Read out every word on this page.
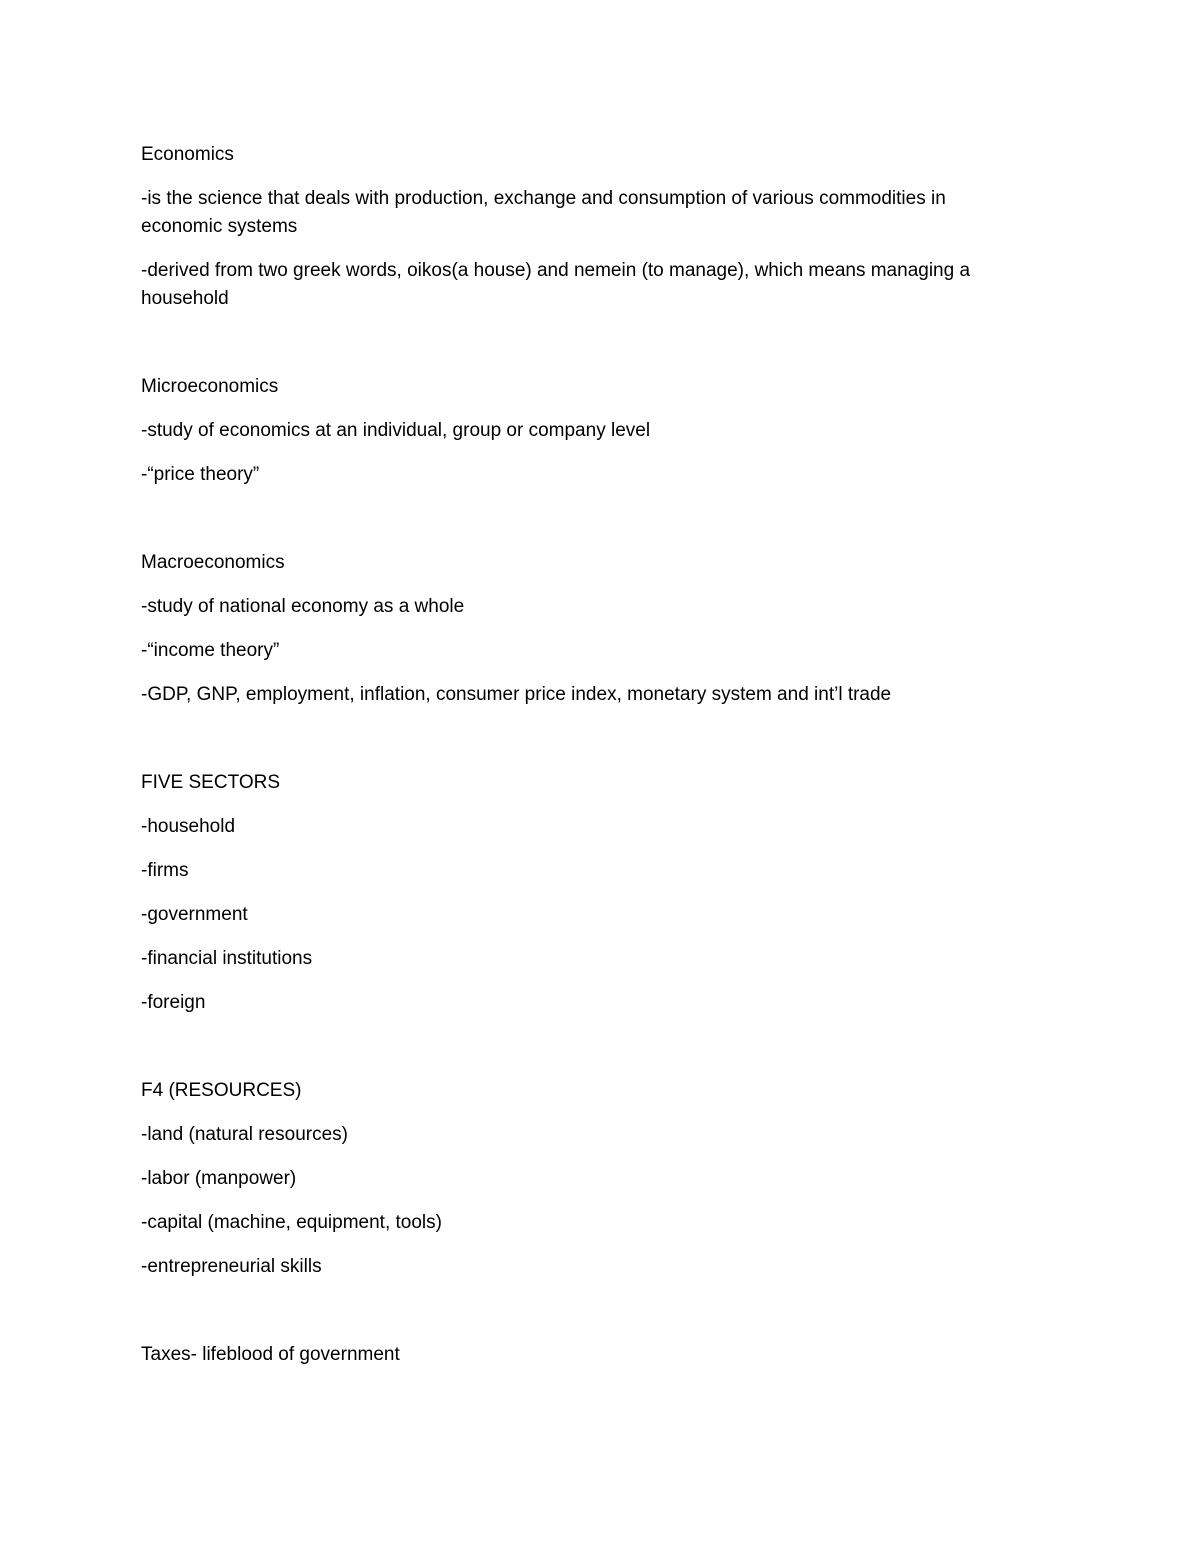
Economics

-is the science that deals with production, exchange and consumption of various commodities in economic systems

-derived from two greek words, oikos(a house) and nemein (to manage), which means managing a household

Microeconomics

-study of economics at an individual, group or company level

-“price theory”

Macroeconomics

-study of national economy as a whole

-“income theory”

-GDP, GNP, employment, inflation, consumer price index, monetary system and int’l trade

FIVE SECTORS

-household

-firms

-government

-financial institutions

-foreign

F4 (RESOURCES)

-land (natural resources)

-labor (manpower)

-capital (machine, equipment, tools)

-entrepreneurial skills

Taxes- lifeblood of government
